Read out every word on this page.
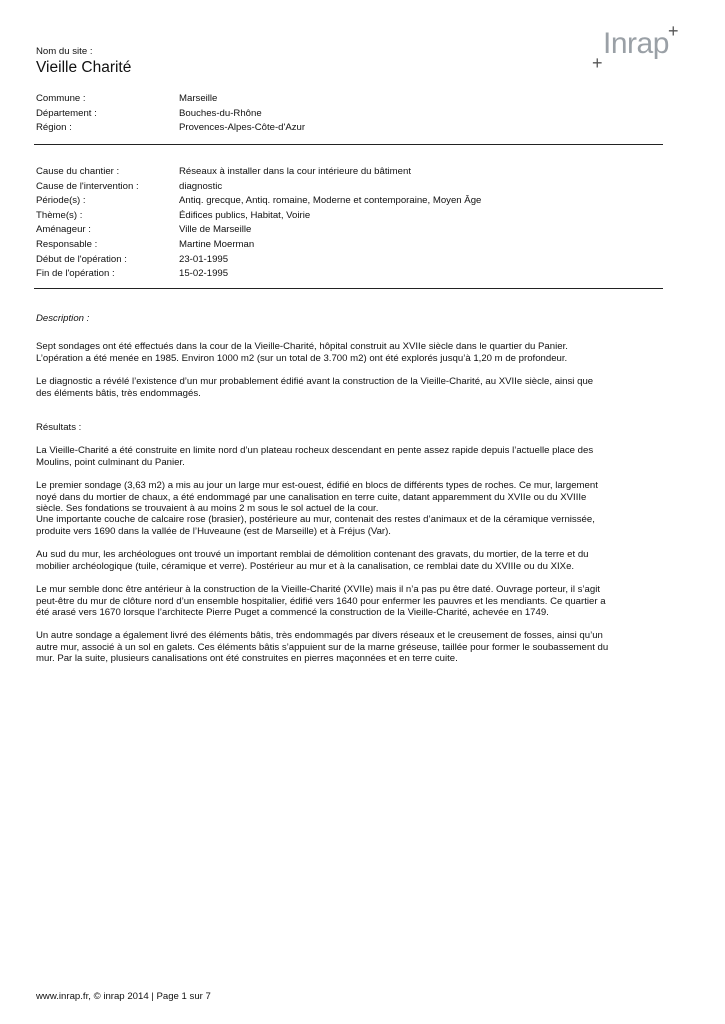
Nom du site :
Vieille Charité
+
Inrap
+
Commune :	Marseille
Département :	Bouches-du-Rhône
Région :	Provences-Alpes-Côte-d'Azur
Cause du chantier :	Réseaux à installer dans la cour intérieure du bâtiment
Cause de l'intervention :	diagnostic
Période(s) :	Antiq. grecque, Antiq. romaine, Moderne et contemporaine, Moyen Âge
Thème(s) :	Édifices publics, Habitat, Voirie
Aménageur :	Ville de Marseille
Responsable :	Martine Moerman
Début de l'opération :	23-01-1995
Fin de l'opération :	15-02-1995

Description :

Sept sondages ont été effectués dans la cour de la Vieille-Charité, hôpital construit au XVIIe siècle dans le quartier du Panier.
L’opération a été menée en 1985. Environ 1000 m2 (sur un total de 3.700 m2) ont été explorés jusqu’à 1,20 m de profondeur.

Le diagnostic a révélé l’existence d’un mur probablement édifié avant la construction de la Vieille-Charité, au XVIIe siècle, ainsi que
des éléments bâtis, très endommagés.

Résultats :

La Vieille-Charité a été construite en limite nord d’un plateau rocheux descendant en pente assez rapide depuis l’actuelle place des
Moulins, point culminant du Panier.

Le premier sondage (3,63 m2) a mis au jour un large mur est-ouest, édifié en blocs de différents types de roches. Ce mur, largement
noyé dans du mortier de chaux, a été endommagé par une canalisation en terre cuite, datant apparemment du XVIIe ou du XVIIIe
siècle. Ses fondations se trouvaient à au moins 2 m sous le sol actuel de la cour.
Une importante couche de calcaire rose (brasier), postérieure au mur, contenait des restes d’animaux et de la céramique vernissée,
produite vers 1690 dans la vallée de l’Huveaune (est de Marseille) et à Fréjus (Var).

Au sud du mur, les archéologues ont trouvé un important remblai de démolition contenant des gravats, du mortier, de la terre et du
mobilier archéologique (tuile, céramique et verre). Postérieur au mur et à la canalisation, ce remblai date du XVIIIe ou du XIXe.

Le mur semble donc être antérieur à la construction de la Vieille-Charité (XVIIe) mais il n’a pas pu être daté. Ouvrage porteur, il s’agit
peut-être du mur de clôture nord d’un ensemble hospitalier, édifié vers 1640 pour enfermer les pauvres et les mendiants. Ce quartier a
été arasé vers 1670 lorsque l’architecte Pierre Puget a commencé la construction de la Vieille-Charité, achevée en 1749.

Un autre sondage a également livré des éléments bâtis, très endommagés par divers réseaux et le creusement de fosses, ainsi qu’un
autre mur, associé à un sol en galets. Ces éléments bâtis s’appuient sur de la marne gréseuse, taillée pour former le soubassement du
mur. Par la suite, plusieurs canalisations ont été construites en pierres maçonnées et en terre cuite.

www.inrap.fr, © inrap 2014 | Page 1 sur 7
